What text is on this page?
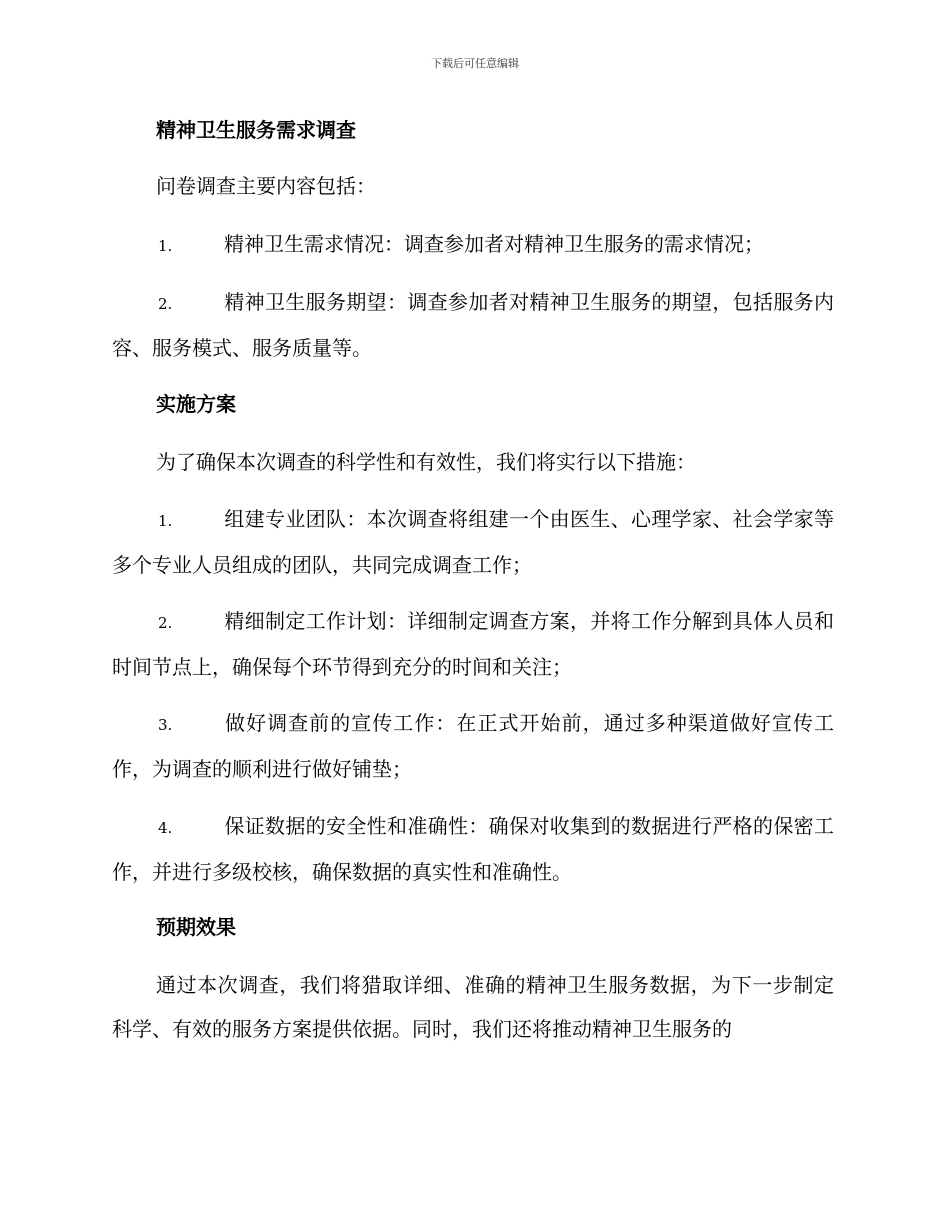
下载后可任意编辑
精神卫生服务需求调查
问卷调查主要内容包括：
1.	精神卫生需求情况：调查参加者对精神卫生服务的需求情况；
2.	精神卫生服务期望：调查参加者对精神卫生服务的期望，包括服务内容、服务模式、服务质量等。
实施方案
为了确保本次调查的科学性和有效性，我们将实行以下措施：
1.	组建专业团队：本次调查将组建一个由医生、心理学家、社会学家等多个专业人员组成的团队，共同完成调查工作；
2.	精细制定工作计划：详细制定调查方案，并将工作分解到具体人员和时间节点上，确保每个环节得到充分的时间和关注；
3.	做好调查前的宣传工作：在正式开始前，通过多种渠道做好宣传工作，为调查的顺利进行做好铺垫；
4.	保证数据的安全性和准确性：确保对收集到的数据进行严格的保密工作，并进行多级校核，确保数据的真实性和准确性。
预期效果
通过本次调查，我们将猎取详细、准确的精神卫生服务数据，为下一步制定科学、有效的服务方案提供依据。同时，我们还将推动精神卫生服务的
